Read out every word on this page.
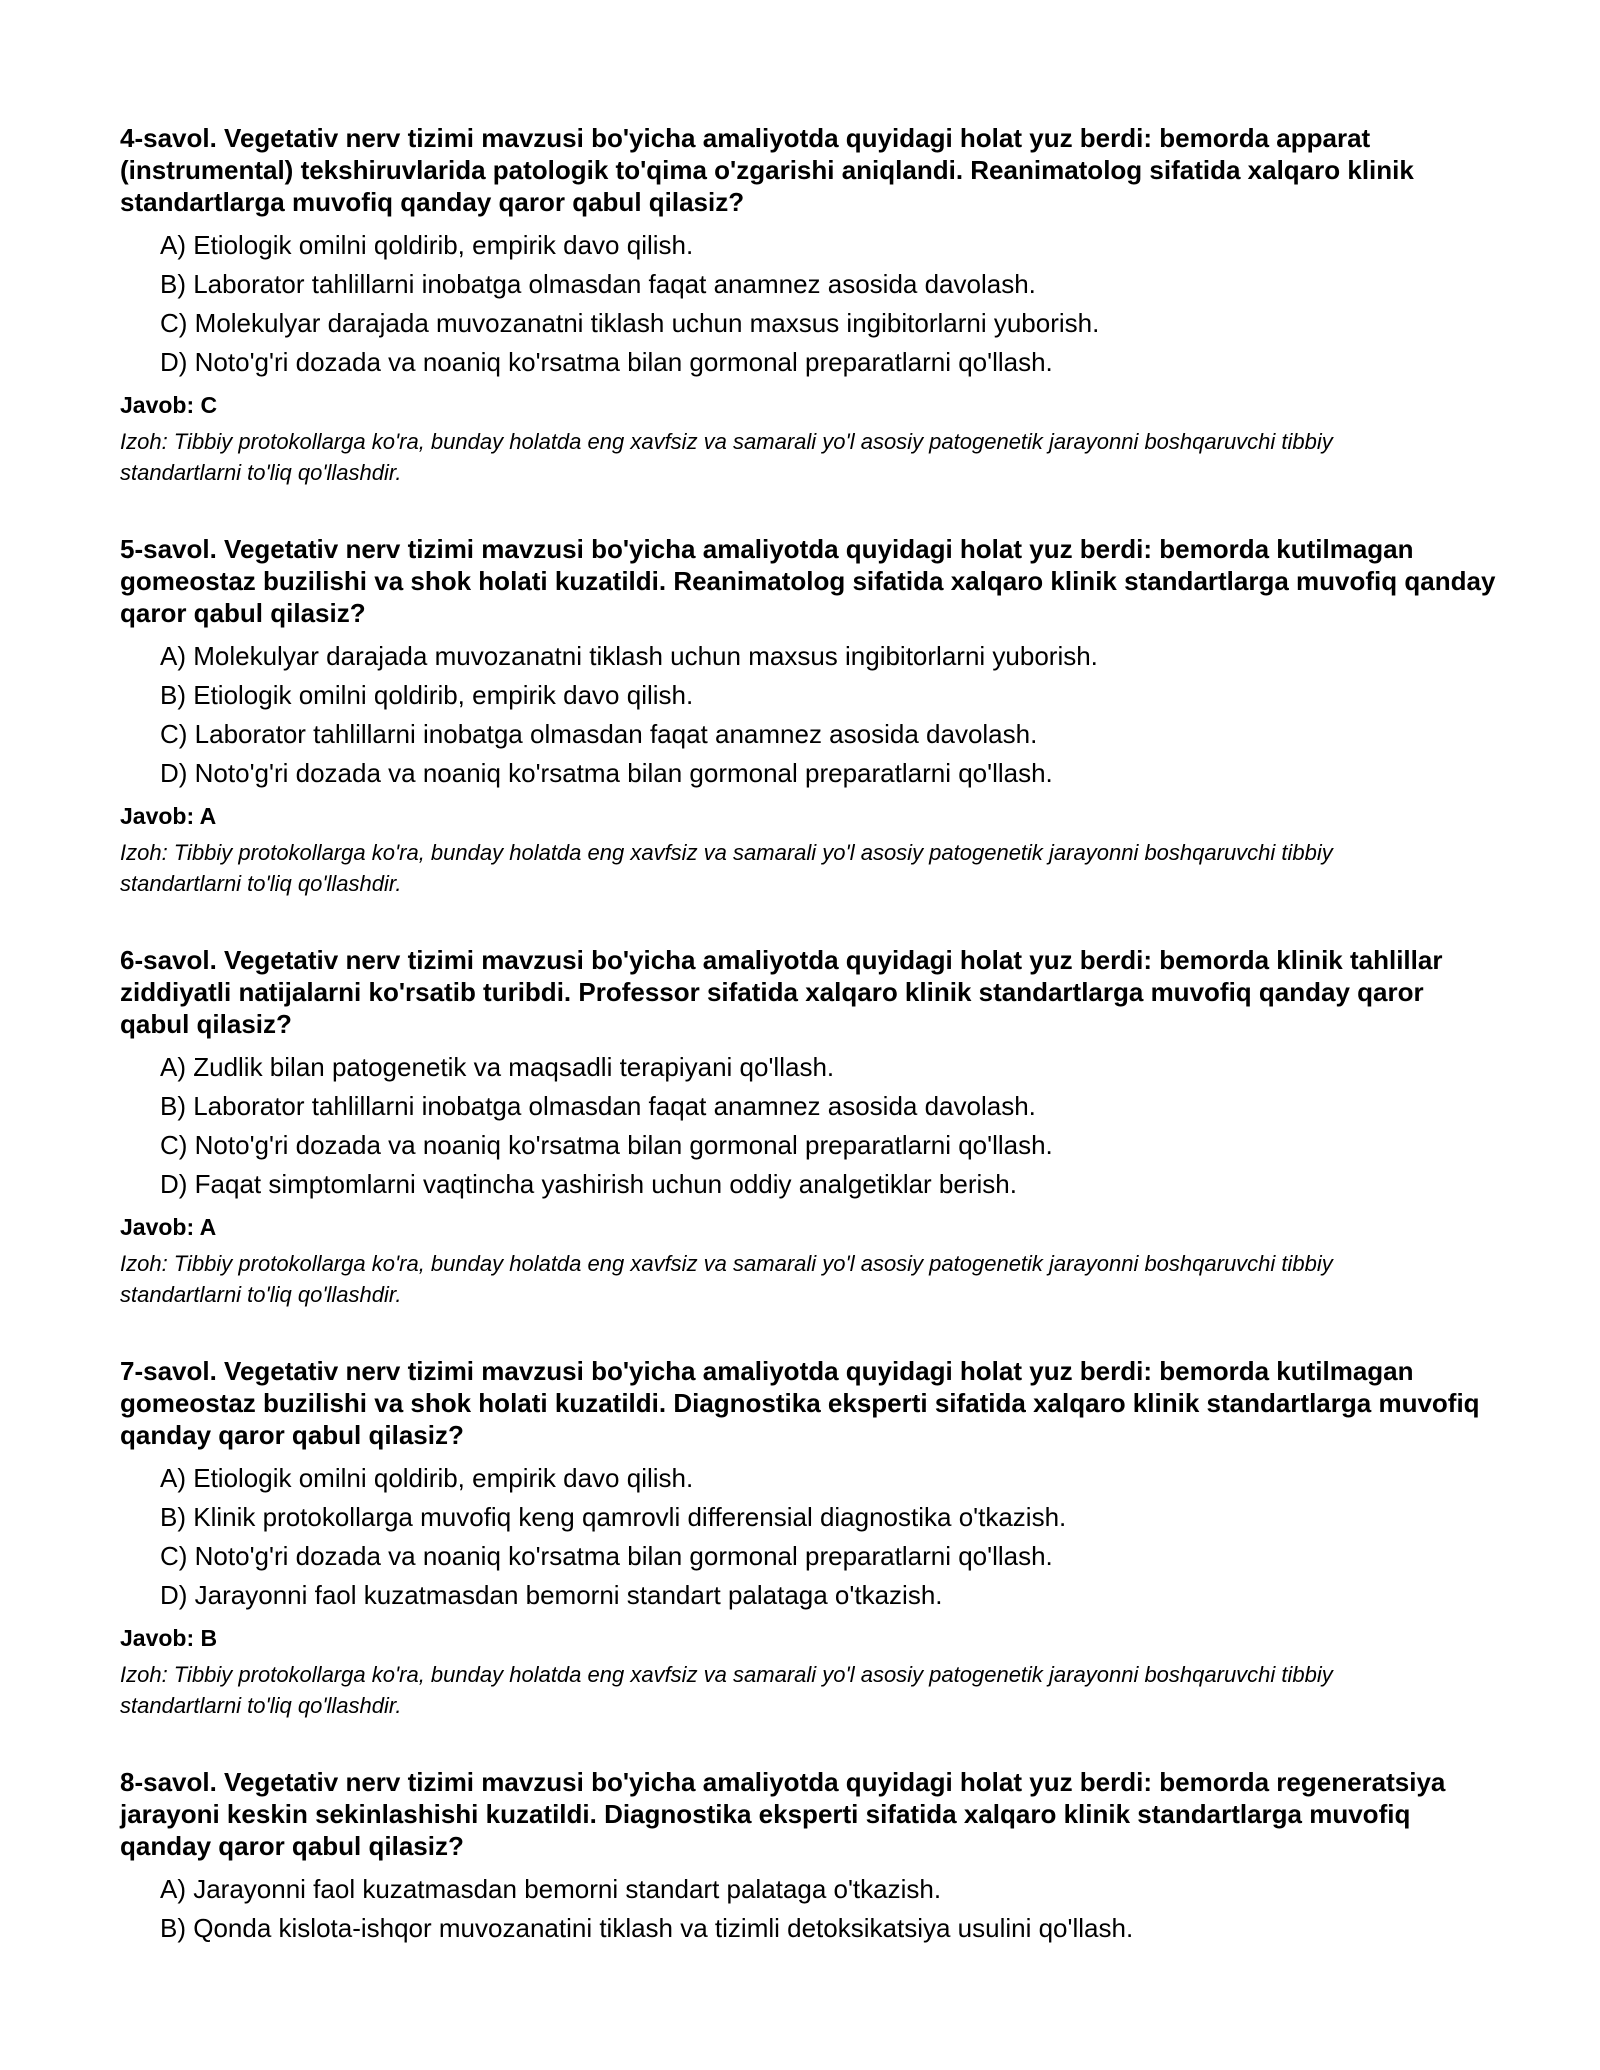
4-savol. Vegetativ nerv tizimi mavzusi bo'yicha amaliyotda quyidagi holat yuz berdi: bemorda apparat (instrumental) tekshiruvlarida patologik to'qima o'zgarishi aniqlandi. Reanimatolog sifatida xalqaro klinik standartlarga muvofiq qanday qaror qabul qilasiz?
A) Etiologik omilni qoldirib, empirik davo qilish.
B) Laborator tahlillarni inobatga olmasdan faqat anamnez asosida davolash.
C) Molekulyar darajada muvozanatni tiklash uchun maxsus ingibitorlarni yuborish.
D) Noto'g'ri dozada va noaniq ko'rsatma bilan gormonal preparatlarni qo'llash.
Javob: C
Izoh: Tibbiy protokollarga ko'ra, bunday holatda eng xavfsiz va samarali yo'l asosiy patogenetik jarayonni boshqaruvchi tibbiy standartlarni to'liq qo'llashdir.
5-savol. Vegetativ nerv tizimi mavzusi bo'yicha amaliyotda quyidagi holat yuz berdi: bemorda kutilmagan gomeostaz buzilishi va shok holati kuzatildi. Reanimatolog sifatida xalqaro klinik standartlarga muvofiq qanday qaror qabul qilasiz?
A) Molekulyar darajada muvozanatni tiklash uchun maxsus ingibitorlarni yuborish.
B) Etiologik omilni qoldirib, empirik davo qilish.
C) Laborator tahlillarni inobatga olmasdan faqat anamnez asosida davolash.
D) Noto'g'ri dozada va noaniq ko'rsatma bilan gormonal preparatlarni qo'llash.
Javob: A
Izoh: Tibbiy protokollarga ko'ra, bunday holatda eng xavfsiz va samarali yo'l asosiy patogenetik jarayonni boshqaruvchi tibbiy standartlarni to'liq qo'llashdir.
6-savol. Vegetativ nerv tizimi mavzusi bo'yicha amaliyotda quyidagi holat yuz berdi: bemorda klinik tahlillar ziddiyatli natijalarni ko'rsatib turibdi. Professor sifatida xalqaro klinik standartlarga muvofiq qanday qaror qabul qilasiz?
A) Zudlik bilan patogenetik va maqsadli terapiyani qo'llash.
B) Laborator tahlillarni inobatga olmasdan faqat anamnez asosida davolash.
C) Noto'g'ri dozada va noaniq ko'rsatma bilan gormonal preparatlarni qo'llash.
D) Faqat simptomlarni vaqtincha yashirish uchun oddiy analgetiklar berish.
Javob: A
Izoh: Tibbiy protokollarga ko'ra, bunday holatda eng xavfsiz va samarali yo'l asosiy patogenetik jarayonni boshqaruvchi tibbiy standartlarni to'liq qo'llashdir.
7-savol. Vegetativ nerv tizimi mavzusi bo'yicha amaliyotda quyidagi holat yuz berdi: bemorda kutilmagan gomeostaz buzilishi va shok holati kuzatildi. Diagnostika eksperti sifatida xalqaro klinik standartlarga muvofiq qanday qaror qabul qilasiz?
A) Etiologik omilni qoldirib, empirik davo qilish.
B) Klinik protokollarga muvofiq keng qamrovli differensial diagnostika o'tkazish.
C) Noto'g'ri dozada va noaniq ko'rsatma bilan gormonal preparatlarni qo'llash.
D) Jarayonni faol kuzatmasdan bemorni standart palataga o'tkazish.
Javob: B
Izoh: Tibbiy protokollarga ko'ra, bunday holatda eng xavfsiz va samarali yo'l asosiy patogenetik jarayonni boshqaruvchi tibbiy standartlarni to'liq qo'llashdir.
8-savol. Vegetativ nerv tizimi mavzusi bo'yicha amaliyotda quyidagi holat yuz berdi: bemorda regeneratsiya jarayoni keskin sekinlashishi kuzatildi. Diagnostika eksperti sifatida xalqaro klinik standartlarga muvofiq qanday qaror qabul qilasiz?
A) Jarayonni faol kuzatmasdan bemorni standart palataga o'tkazish.
B) Qonda kislota-ishqor muvozanatini tiklash va tizimli detoksikatsiya usulini qo'llash.
